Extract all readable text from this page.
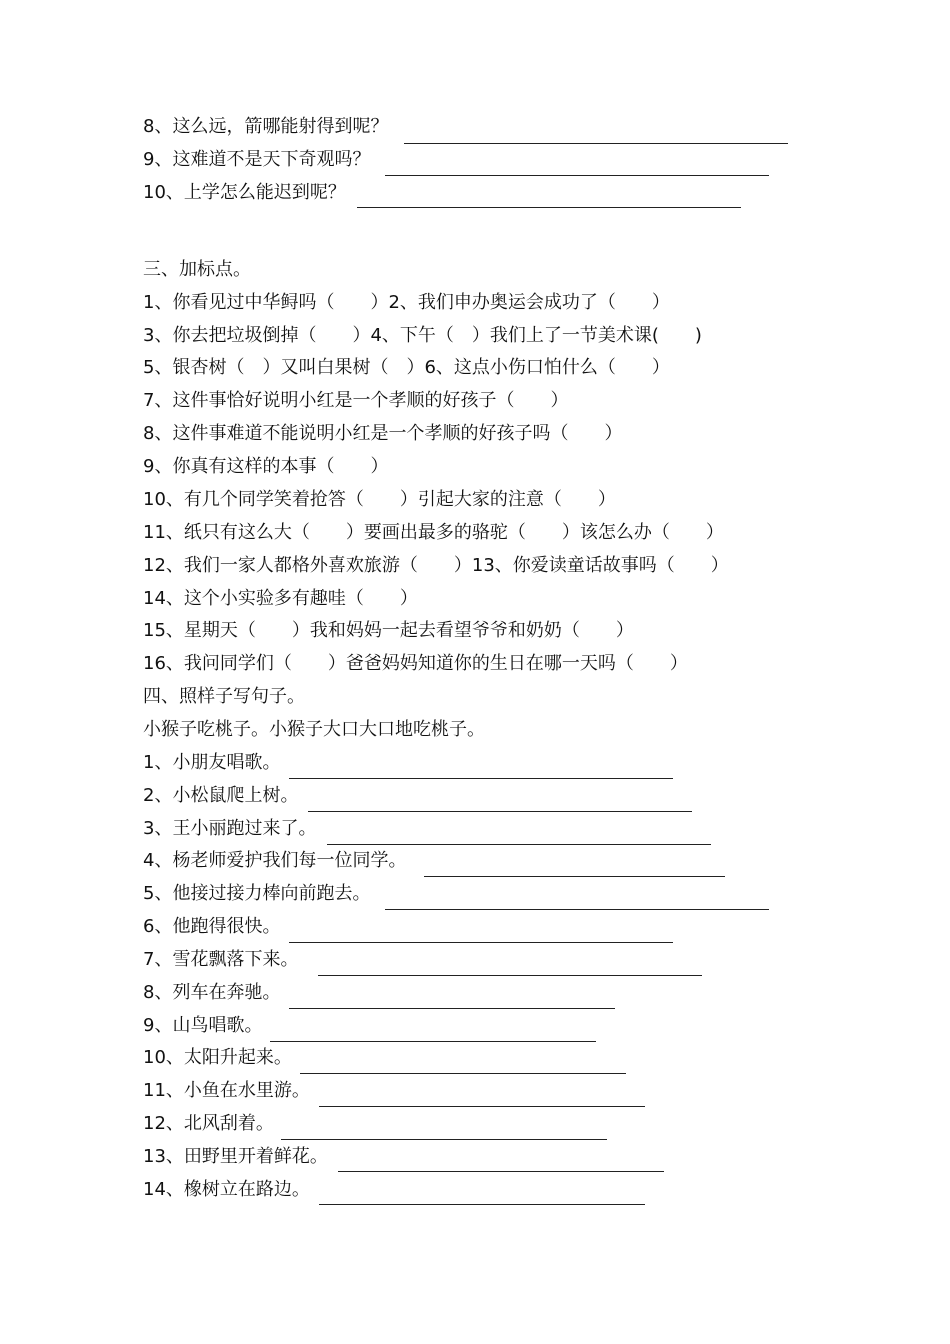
8、这么远，箭哪能射得到呢？
9、这难道不是天下奇观吗？
10、上学怎么能迟到呢？
三、加标点。
1、你看见过中华鲟吗（　　）2、我们申办奥运会成功了（　　）
3、你去把垃圾倒掉（　　）4、下午（　）我们上了一节美术课(　　)
5、银杏树（　）又叫白果树（　）6、这点小伤口怕什么（　　）
7、这件事恰好说明小红是一个孝顺的好孩子（　　）
8、这件事难道不能说明小红是一个孝顺的好孩子吗（　　）
9、你真有这样的本事（　　）
10、有几个同学笑着抢答（　　）引起大家的注意（　　）
11、纸只有这么大（　　）要画出最多的骆驼（　　）该怎么办（　　）
12、我们一家人都格外喜欢旅游（　　）13、你爱读童话故事吗（　　）
14、这个小实验多有趣哇（　　）
15、星期天（　　）我和妈妈一起去看望爷爷和奶奶（　　）
16、我问同学们（　　）爸爸妈妈知道你的生日在哪一天吗（　　）
四、照样子写句子。
小猴子吃桃子。小猴子大口大口地吃桃子。
1、小朋友唱歌。
2、小松鼠爬上树。
3、王小丽跑过来了。
4、杨老师爱护我们每一位同学。
5、他接过接力棒向前跑去。
6、他跑得很快。
7、雪花飘落下来。
8、列车在奔驰。
9、山鸟唱歌。
10、太阳升起来。
11、小鱼在水里游。
12、北风刮着。
13、田野里开着鲜花。
14、橡树立在路边。
